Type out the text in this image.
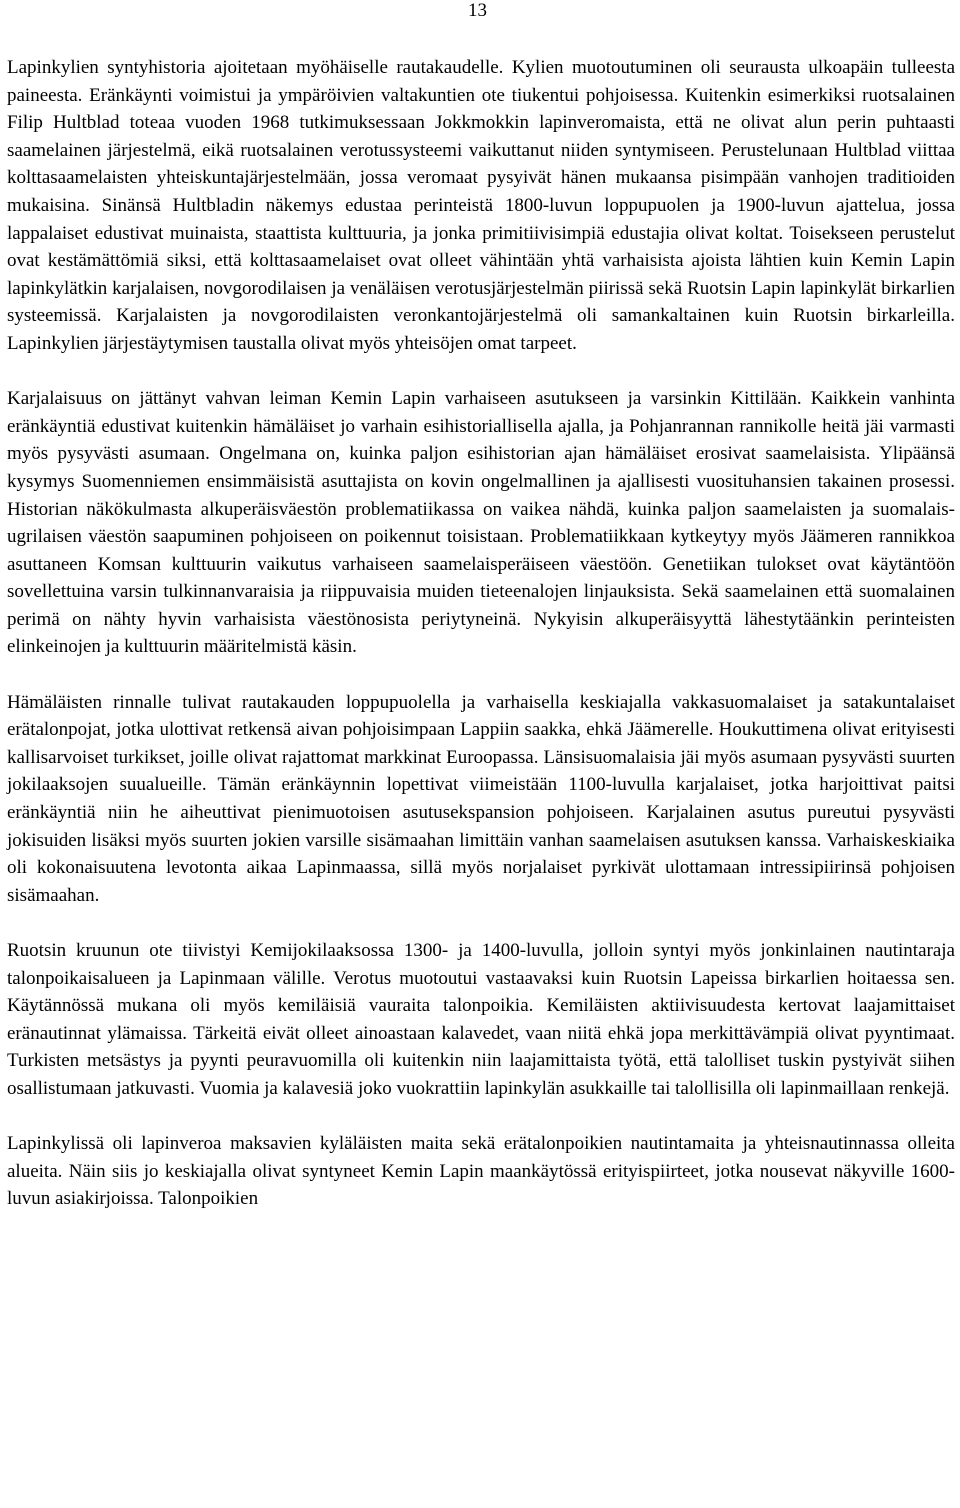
13

Lapinkylien syntyhistoria ajoitetaan myöhäiselle rautakaudelle. Kylien muotoutuminen oli seurausta ulkoapäin tulleesta paineesta. Eränkäynti voimistui ja ympäröivien valtakuntien ote tiukentui pohjoisessa. Kuitenkin esimerkiksi ruotsalainen Filip Hultblad toteaa vuoden 1968 tutkimuksessaan Jokkmokkin lapinveromaista, että ne olivat alun perin puhtaasti saamelainen järjestelmä, eikä ruotsalainen verotussysteemi vaikuttanut niiden syntymiseen. Perustelunaan Hultblad viittaa kolttasaamelaisten yhteiskuntajärjestelmään, jossa veromaat pysyivät hänen mukaansa pisimpään vanhojen traditioiden mukaisina. Sinänsä Hultbladin näkemys edustaa perinteistä 1800-luvun loppupuolen ja 1900-luvun ajattelua, jossa lappalaiset edustivat muinaista, staattista kulttuuria, ja jonka primitiivisimpiä edustajia olivat koltat. Toisekseen perustelut ovat kestämättömiä siksi, että kolttasaamelaiset ovat olleet vähintään yhtä varhaisista ajoista lähtien kuin Kemin Lapin lapinkylätkin karjalaisen, novgorodilaisen ja venäläisen verotusjärjestelmän piirissä sekä Ruotsin Lapin lapinkylät birkarlien systeemissä. Karjalaisten ja novgorodilaisten veronkantojärjestelmä oli samankaltainen kuin Ruotsin birkarleilla. Lapinkylien järjestäytymisen taustalla olivat myös yhteisöjen omat tarpeet.

Karjalaisuus on jättänyt vahvan leiman Kemin Lapin varhaiseen asutukseen ja varsinkin Kittilään. Kaikkein vanhinta eränkäyntiä edustivat kuitenkin hämäläiset jo varhain esihistoriallisella ajalla, ja Pohjanrannan rannikolle heitä jäi varmasti myös pysyvästi asumaan. Ongelmana on, kuinka paljon esihistorian ajan hämäläiset erosivat saamelaisista. Ylipäänsä kysymys Suomenniemen ensimmäisistä asuttajista on kovin ongelmallinen ja ajallisesti vuosituhansien takainen prosessi. Historian näkökulmasta alkuperäisväestön problematiikassa on vaikea nähdä, kuinka paljon saamelaisten ja suomalais-ugrilaisen väestön saapuminen pohjoiseen on poikennut toisistaan. Problematiikkaan kytkeytyy myös Jäämeren rannikkoa asuttaneen Komsan kulttuurin vaikutus varhaiseen saamelaisperäiseen väestöön. Genetiikan tulokset ovat käytäntöön sovellettuina varsin tulkinnanvaraisia ja riippuvaisia muiden tieteenalojen linjauksista. Sekä saamelainen että suomalainen perimä on nähty hyvin varhaisista väestönosista periytyneinä. Nykyisin alkuperäisyyttä lähestytäänkin perinteisten elinkeinojen ja kulttuurin määritelmistä käsin.

Hämäläisten rinnalle tulivat rautakauden loppupuolella ja varhaisella keskiajalla vakkasuomalaiset ja satakuntalaiset erätalonpojat, jotka ulottivat retkensä aivan pohjoisimpaan Lappiin saakka, ehkä Jäämerelle. Houkuttimena olivat erityisesti kallisarvoiset turkikset, joille olivat rajattomat markkinat Euroopassa. Länsisuomalaisia jäi myös asumaan pysyvästi suurten jokilaaksojen suualueille. Tämän eränkäynnin lopettivat viimeistään 1100-luvulla karjalaiset, jotka harjoittivat paitsi eränkäyntiä niin he aiheuttivat pienimuotoisen asutusekspansion pohjoiseen. Karjalainen asutus pureutui pysyvästi jokisuiden lisäksi myös suurten jokien varsille sisämaahan limittäin vanhan saamelaisen asutuksen kanssa. Varhaiskeskiaika oli kokonaisuutena levotonta aikaa Lapinmaassa, sillä myös norjalaiset pyrkivät ulottamaan intressipiirinsä pohjoisen sisämaahan.

Ruotsin kruunun ote tiivistyi Kemijokilaaksossa 1300- ja 1400-luvulla, jolloin syntyi myös jonkinlainen nautintaraja talonpoikaisalueen ja Lapinmaan välille. Verotus muotoutui vastaavaksi kuin Ruotsin Lapeissa birkarlien hoitaessa sen. Käytännössä mukana oli myös kemiläisiä vauraita talonpoikia. Kemiläisten aktiivisuudesta kertovat laajamittaiset eränautinnat ylämaissa. Tärkeitä eivät olleet ainoastaan kalavedet, vaan niitä ehkä jopa merkittävämpiä olivat pyyntimaat. Turkisten metsästys ja pyynti peuravuomilla oli kuitenkin niin laajamittaista työtä, että talolliset tuskin pystyivät siihen osallistumaan jatkuvasti. Vuomia ja kalavesiä joko vuokrattiin lapinkylän asukkaille tai talollisilla oli lapinmaillaan renkejä.

Lapinkylissä oli lapinveroa maksavien kyläläisten maita sekä erätalonpoikien nautintamaita ja yhteisnautinnassa olleita alueita. Näin siis jo keskiajalla olivat syntyneet Kemin Lapin maankäytössä erityispiirteet, jotka nousevat näkyville 1600-luvun asiakirjoissa. Talonpoikien
